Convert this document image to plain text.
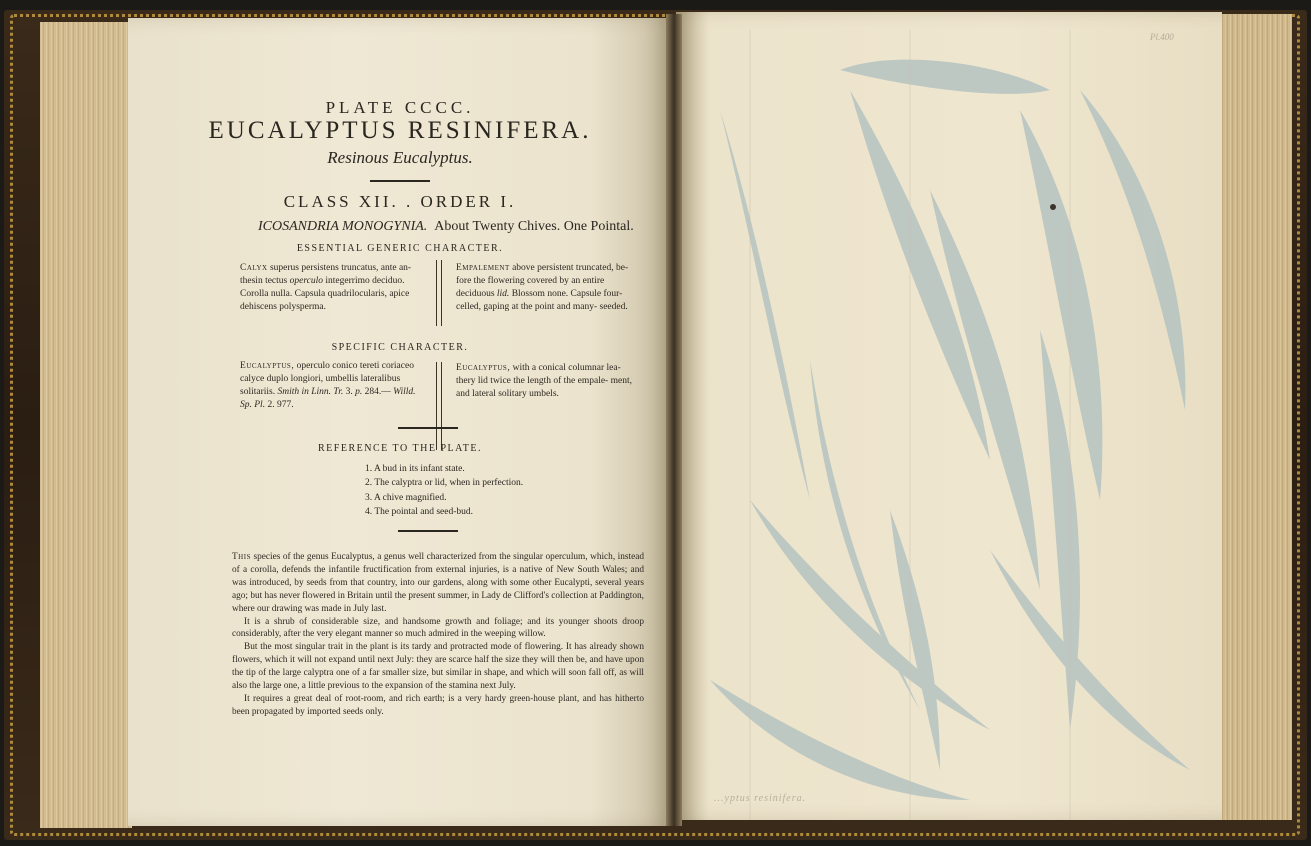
...yptus resinifera.
Pl.400
PLATE CCCC.
EUCALYPTUS RESINIFERA.
Resinous Eucalyptus.
CLASS XII. . ORDER I.
ICOSANDRIA MONOGYNIA. About Twenty Chives. One Pointal.
ESSENTIAL GENERIC CHARACTER.
Calyx superus persistens truncatus, ante an- thesin tectus operculo integerrimo deciduo. Corolla nulla. Capsula quadrilocularis, apice dehiscens polysperma.
Empalement above persistent truncated, be- fore the flowering covered by an entire deciduous lid. Blossom none. Capsule four-celled, gaping at the point and many- seeded.
SPECIFIC CHARACTER.
Eucalyptus, operculo conico tereti coriaceo calyce duplo longiori, umbellis lateralibus solitariis. Smith in Linn. Tr. 3. p. 284.— Willd. Sp. Pl. 2. 977.
Eucalyptus, with a conical columnar lea- thery lid twice the length of the empale- ment, and lateral solitary umbels.
REFERENCE TO THE PLATE.
1. A bud in its infant state.
2. The calyptra or lid, when in perfection.
3. A chive magnified.
4. The pointal and seed-bud.

This species of the genus Eucalyptus, a genus well characterized from the singular operculum, which, instead of a corolla, defends the infantile fructification from external injuries, is a native of New South Wales; and was introduced, by seeds from that country, into our gardens, along with some other Eucalypti, several years ago; but has never flowered in Britain until the present summer, in Lady de Clifford's collection at Paddington, where our drawing was made in July last.

It is a shrub of considerable size, and handsome growth and foliage; and its younger shoots droop considerably, after the very elegant manner so much admired in the weeping willow.

But the most singular trait in the plant is its tardy and protracted mode of flowering. It has already shown flowers, which it will not expand until next July: they are scarce half the size they will then be, and have upon the tip of the large calyptra one of a far smaller size, but similar in shape, and which will soon fall off, as will also the large one, a little previous to the expansion of the stamina next July.

It requires a great deal of root-room, and rich earth; is a very hardy green-house plant, and has hitherto been propagated by imported seeds only.
